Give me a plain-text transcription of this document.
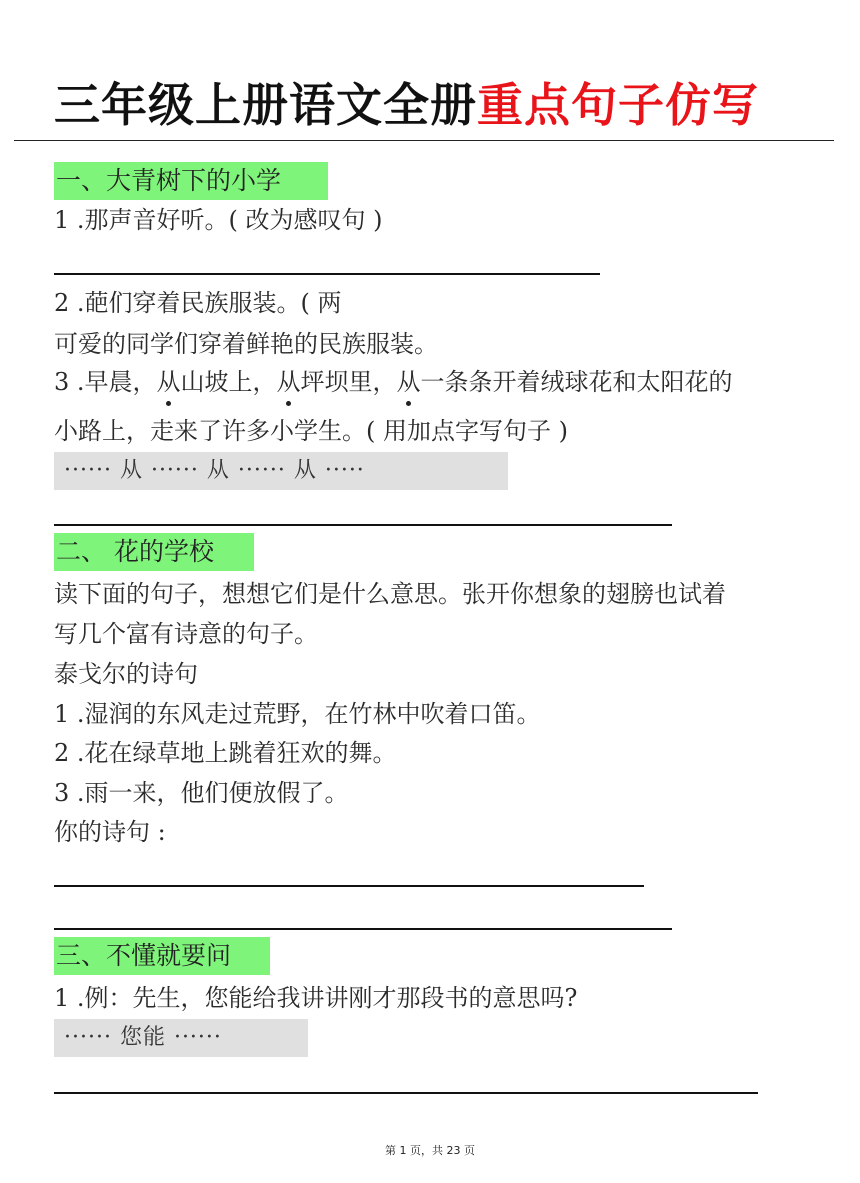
三年级上册语文全册重点句子仿写
一、大青树下的小学
1 .那声音好听。( 改为感叹句 )
2 .葩们穿着民族服装。( 两
可爱的同学们穿着鲜艳的民族服装。
3 .早晨，从山坡上，从坪坝里，从一条条开着绒球花和太阳花的
小路上，走来了许多小学生。( 用加点字写句子 )
······ 从 ······ 从 ······ 从 ·····
二、 花的学校
读下面的句子，想想它们是什么意思。张开你想象的翅膀也试着
写几个富有诗意的句子。
泰戈尔的诗句
1 .湿润的东风走过荒野，在竹林中吹着口笛。
2 .花在绿草地上跳着狂欢的舞。
3 .雨一来，他们便放假了。
你的诗句 :
三、不懂就要问
1 .例：先生，您能给我讲讲刚才那段书的意思吗?
······ 您能 ······
第 1 页，共 23 页
